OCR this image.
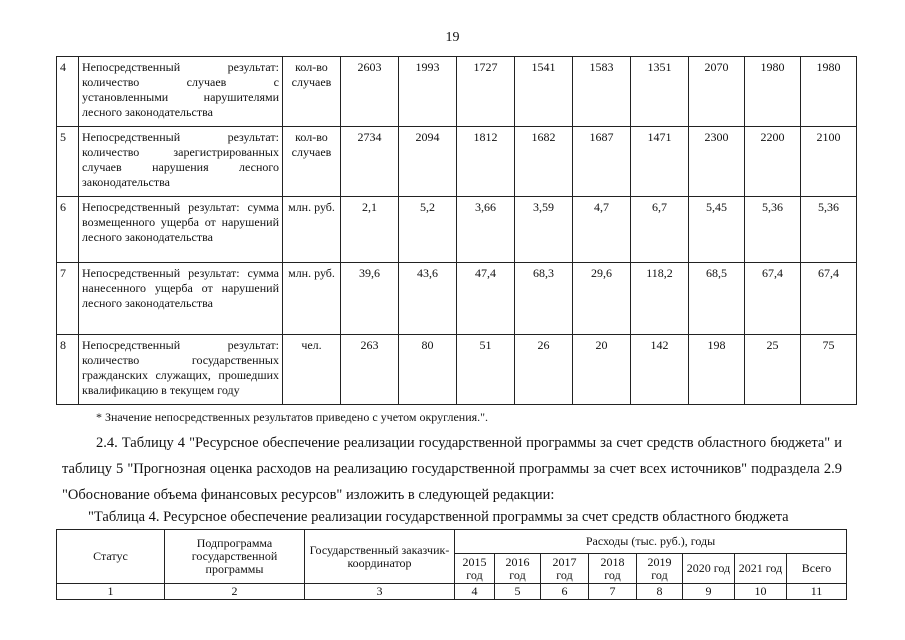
19
4	Непосредственный результат: количество случаев с установленными нарушителями лесного законодательства	кол-во случаев	2603	1993	1727	1541	1583	1351	2070	1980	1980
5	Непосредственный результат: количество зарегистрированных случаев нарушения лесного законодательства	кол-во случаев	2734	2094	1812	1682	1687	1471	2300	2200	2100
6	Непосредственный результат: сумма возмещенного ущерба от нарушений лесного законодательства	млн. руб.	2,1	5,2	3,66	3,59	4,7	6,7	5,45	5,36	5,36
7	Непосредственный результат: сумма нанесенного ущерба от нарушений лесного законодательства	млн. руб.	39,6	43,6	47,4	68,3	29,6	118,2	68,5	67,4	67,4
8	Непосредственный результат: количество государственных гражданских служащих, прошедших квалификацию в текущем году	чел.	263	80	51	26	20	142	198	25	75
* Значение непосредственных результатов приведено с учетом округления.".
2.4. Таблицу 4 "Ресурсное обеспечение реализации государственной программы за счет средств областного бюджета" и таблицу 5 "Прогнозная оценка расходов на реализацию государственной программы за счет всех источников" подраздела 2.9 "Обоснование объема финансовых ресурсов" изложить в следующей редакции:
"Таблица 4. Ресурсное обеспечение реализации государственной программы за счет средств областного бюджета
Статус	Подпрограмма государственной программы	Государственный заказчик-координатор	Расходы (тыс. руб.), годы							
			2015 год	2016 год	2017 год	2018 год	2019 год	2020 год	2021 год	Всего
1	2	3	4	5	6	7	8	9	10	11
